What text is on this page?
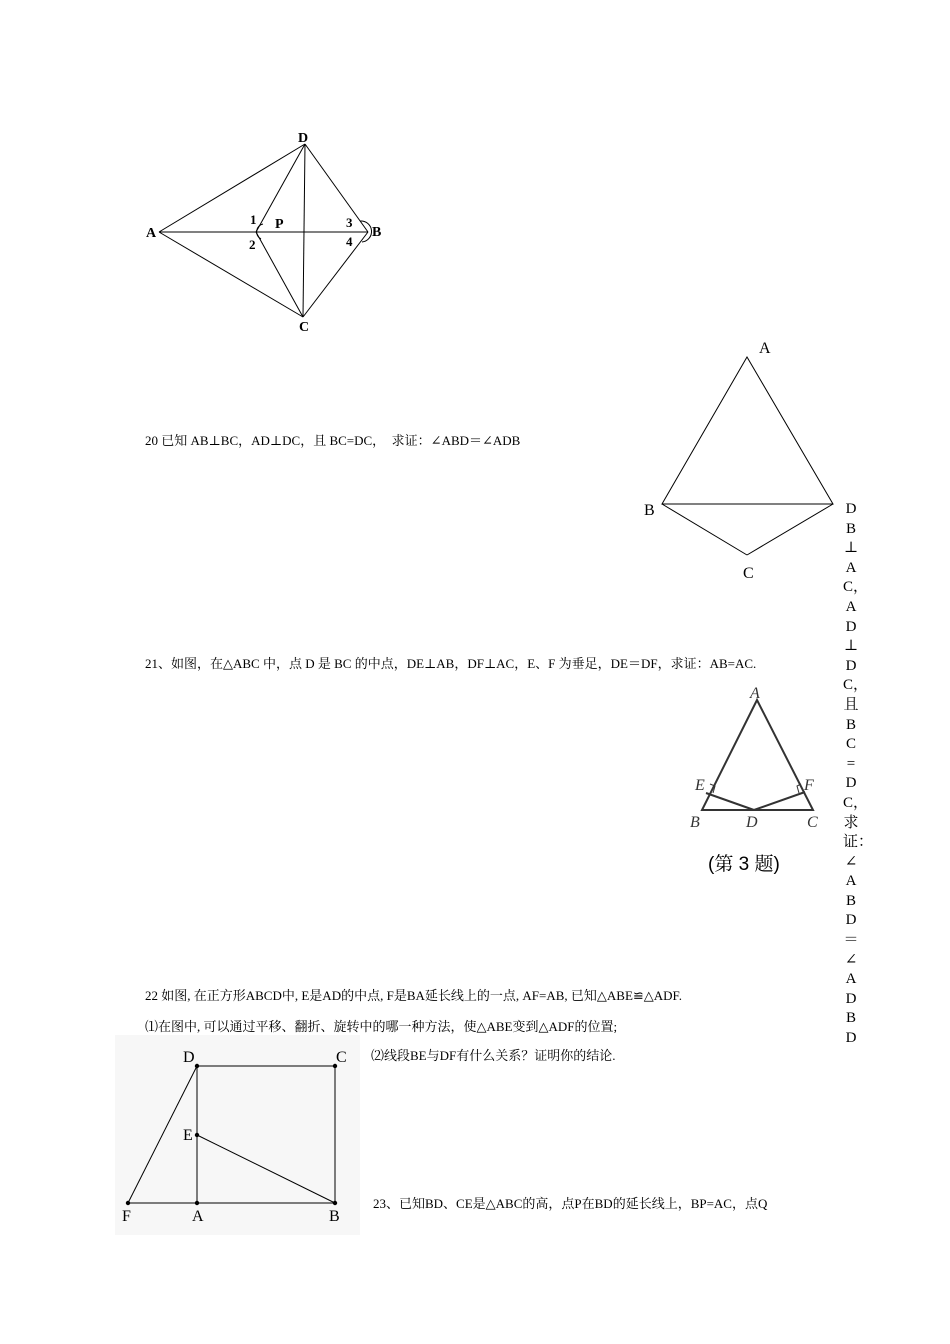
A
D
B
C
P
1
2
3
4
20 已知 AB⊥BC，AD⊥DC，且 BC=DC，　求证：∠ABD＝∠ADB
A
B
C
DB⊥AC，AD⊥DC，且BC=DC，求证：∠ABD＝∠ADBD
21、如图，在△ABC 中，点 D 是 BC 的中点，DE⊥AB，DF⊥AC，E、F 为垂足，DE＝DF，求证：AB=AC.
A
E	F
B	D	C
(第 3 题)
22 如图, 在正方形ABCD中, E是AD的中点, F是BA延长线上的一点, AF=AB, 已知△ABE≌△ADF.
⑴在图中, 可以通过平移、翻折、旋转中的哪一种方法，使△ABE变到△ADF的位置;
⑵线段BE与DF有什么关系？证明你的结论.
D	C
E
F	A	B
23、已知BD、CE是△ABC的高，点P在BD的延长线上，BP=AC，点Q
